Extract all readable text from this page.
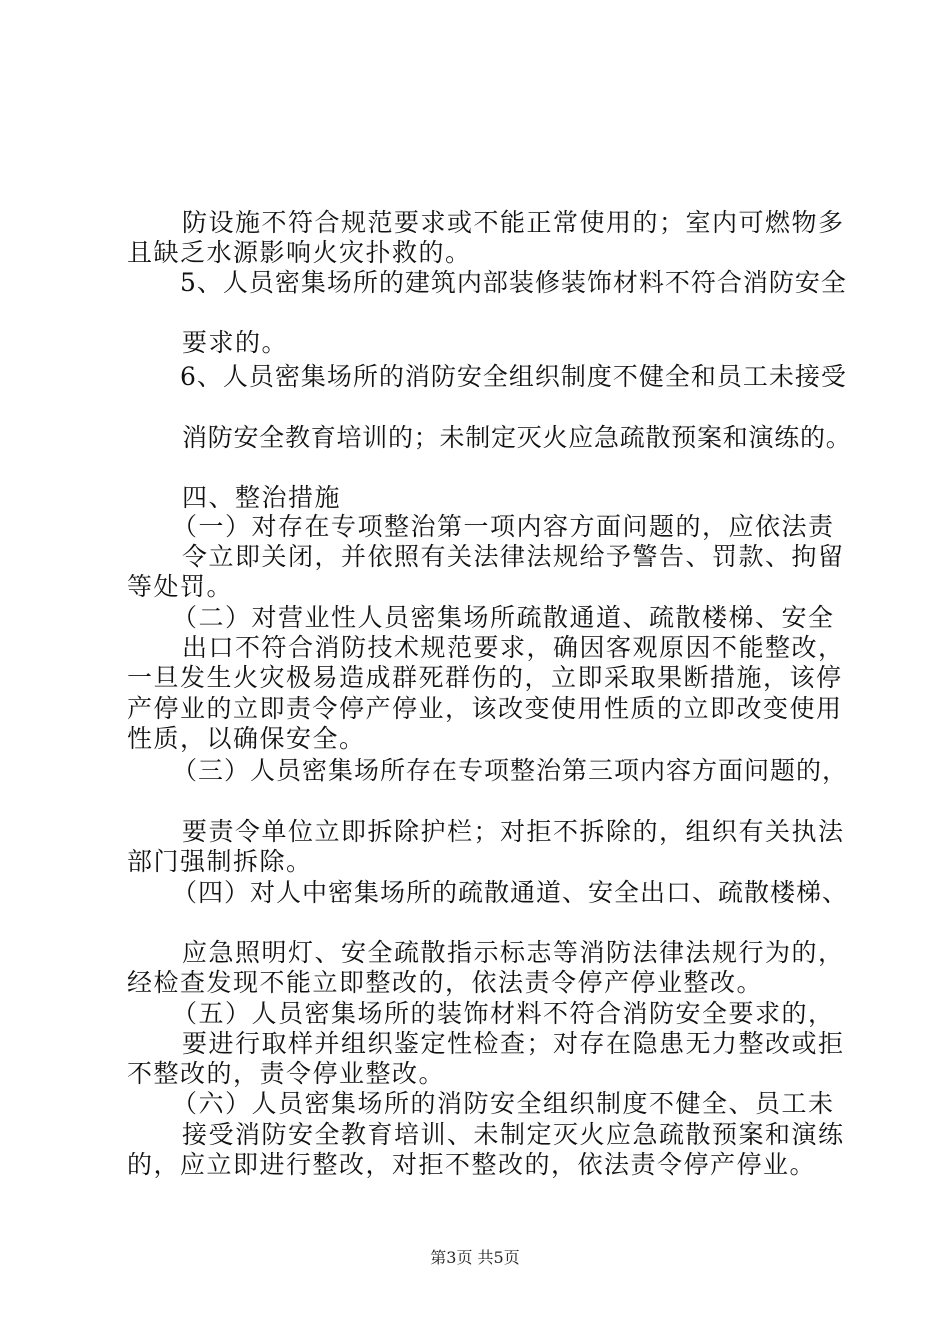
防设施不符合规范要求或不能正常使用的；室内可燃物多
且缺乏水源影响火灾扑救的。
5、人员密集场所的建筑内部装修装饰材料不符合消防安全
要求的。
6、人员密集场所的消防安全组织制度不健全和员工未接受
消防安全教育培训的；未制定灭火应急疏散预案和演练的。
四、整治措施
（一）对存在专项整治第一项内容方面问题的，应依法责
令立即关闭，并依照有关法律法规给予警告、罚款、拘留
等处罚。
（二）对营业性人员密集场所疏散通道、疏散楼梯、安全
出口不符合消防技术规范要求，确因客观原因不能整改，
一旦发生火灾极易造成群死群伤的，立即采取果断措施，该停
产停业的立即责令停产停业，该改变使用性质的立即改变使用
性质，以确保安全。
（三）人员密集场所存在专项整治第三项内容方面问题的，
要责令单位立即拆除护栏；对拒不拆除的，组织有关执法
部门强制拆除。
（四）对人中密集场所的疏散通道、安全出口、疏散楼梯、
应急照明灯、安全疏散指示标志等消防法律法规行为的，
经检查发现不能立即整改的，依法责令停产停业整改。
（五）人员密集场所的装饰材料不符合消防安全要求的，
要进行取样并组织鉴定性检查；对存在隐患无力整改或拒
不整改的，责令停业整改。
（六）人员密集场所的消防安全组织制度不健全、员工未
接受消防安全教育培训、未制定灭火应急疏散预案和演练
的，应立即进行整改，对拒不整改的，依法责令停产停业。
第3页 共5页
